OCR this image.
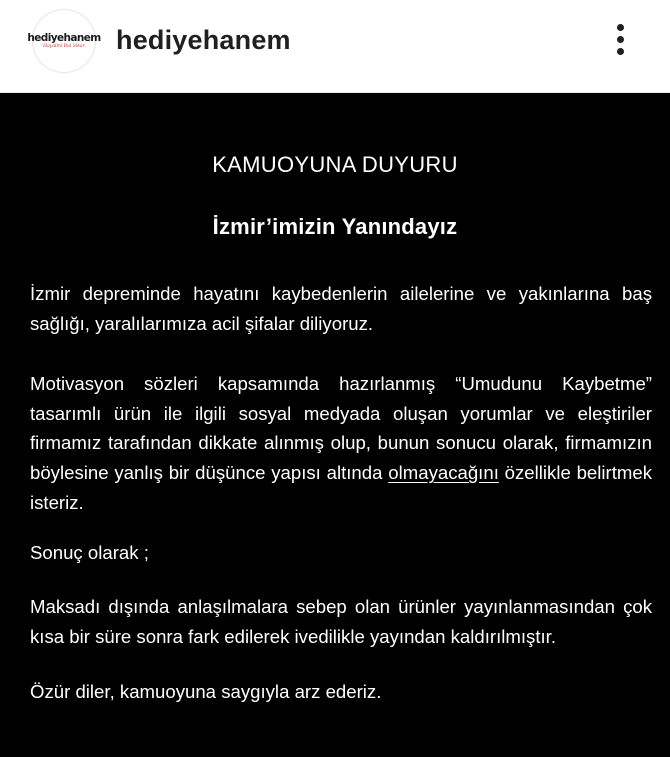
hediyehanem
Hayalini Bul Sikar hediyehanem
KAMUOYUNA DUYURU
İzmir’imizin Yanındayız
İzmir depreminde hayatını kaybedenlerin ailelerine ve yakınlarına baş sağlığı, yaralılarımıza acil şifalar diliyoruz.
Motivasyon sözleri kapsamında hazırlanmış “Umudunu Kaybetme” tasarımlı ürün ile ilgili sosyal medyada oluşan yorumlar ve eleştiriler firmamız tarafından dikkate alınmış olup, bunun sonucu olarak, firmamızın böylesine yanlış bir düşünce yapısı altında olmayacağını özellikle belirtmek isteriz.
Sonuç olarak ;
Maksadı dışında anlaşılmalara sebep olan ürünler yayınlanmasından çok kısa bir süre sonra fark edilerek ivedilikle yayından kaldırılmıştır.
Özür diler, kamuoyuna saygıyla arz ederiz.
